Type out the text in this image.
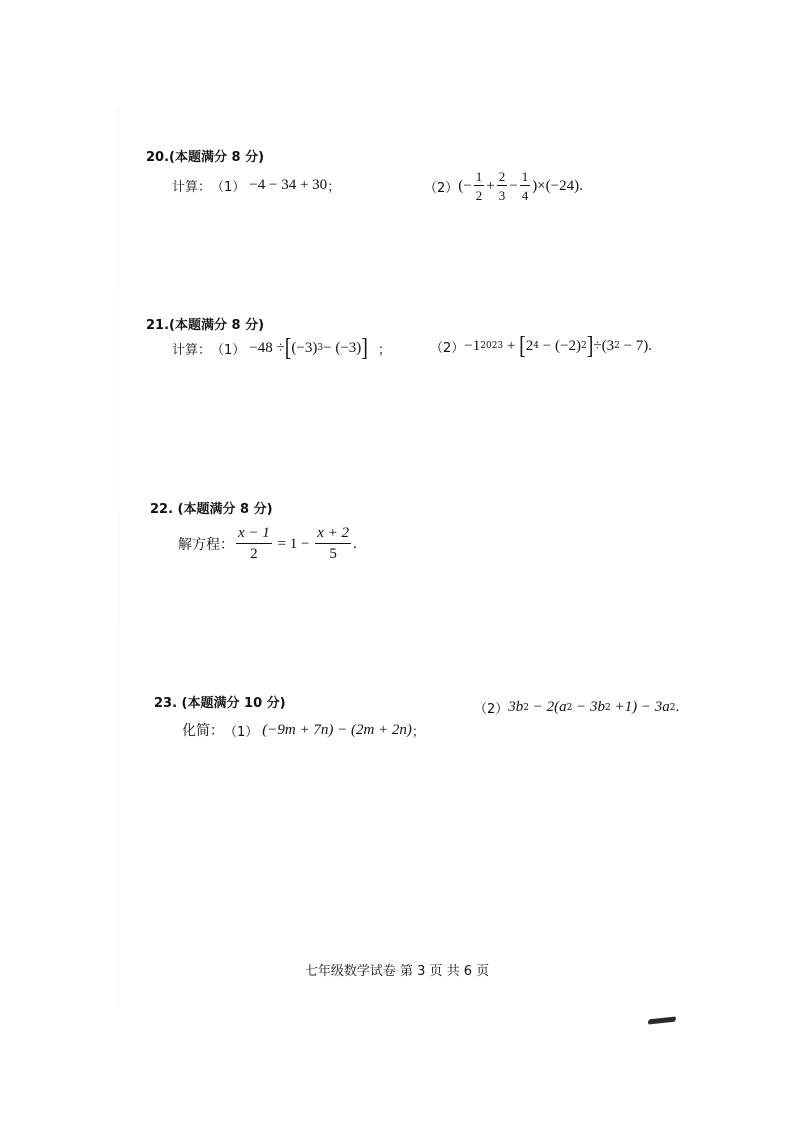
20.(本题满分 8 分)
计算： （1） −4 − 34 + 30 ；	（2） (− $\frac{1}{2} + \frac{2}{3} - \frac{1}{4} )\times(-24)$.
21.(本题满分 8 分)
计算： （1） −48 ÷ [ (−3) 3 − (−3) ] ；	（2） −1 2023 + [ 2 4 − (−2) 2 ] ÷(3 2 − 7).
22. (本题满分 8 分)
解方程： $\frac{x - 1}{2} = 1 - \frac{x + 2}{5}$ .
23. (本题满分 10 分)
化简： （1） (−9m + 7n) − (2m + 2n) ；
（2） 3b 2 − 2(a 2 − 3b 2 +1) − 3a 2 .
七年级数学试卷 第 3 页 共 6 页
